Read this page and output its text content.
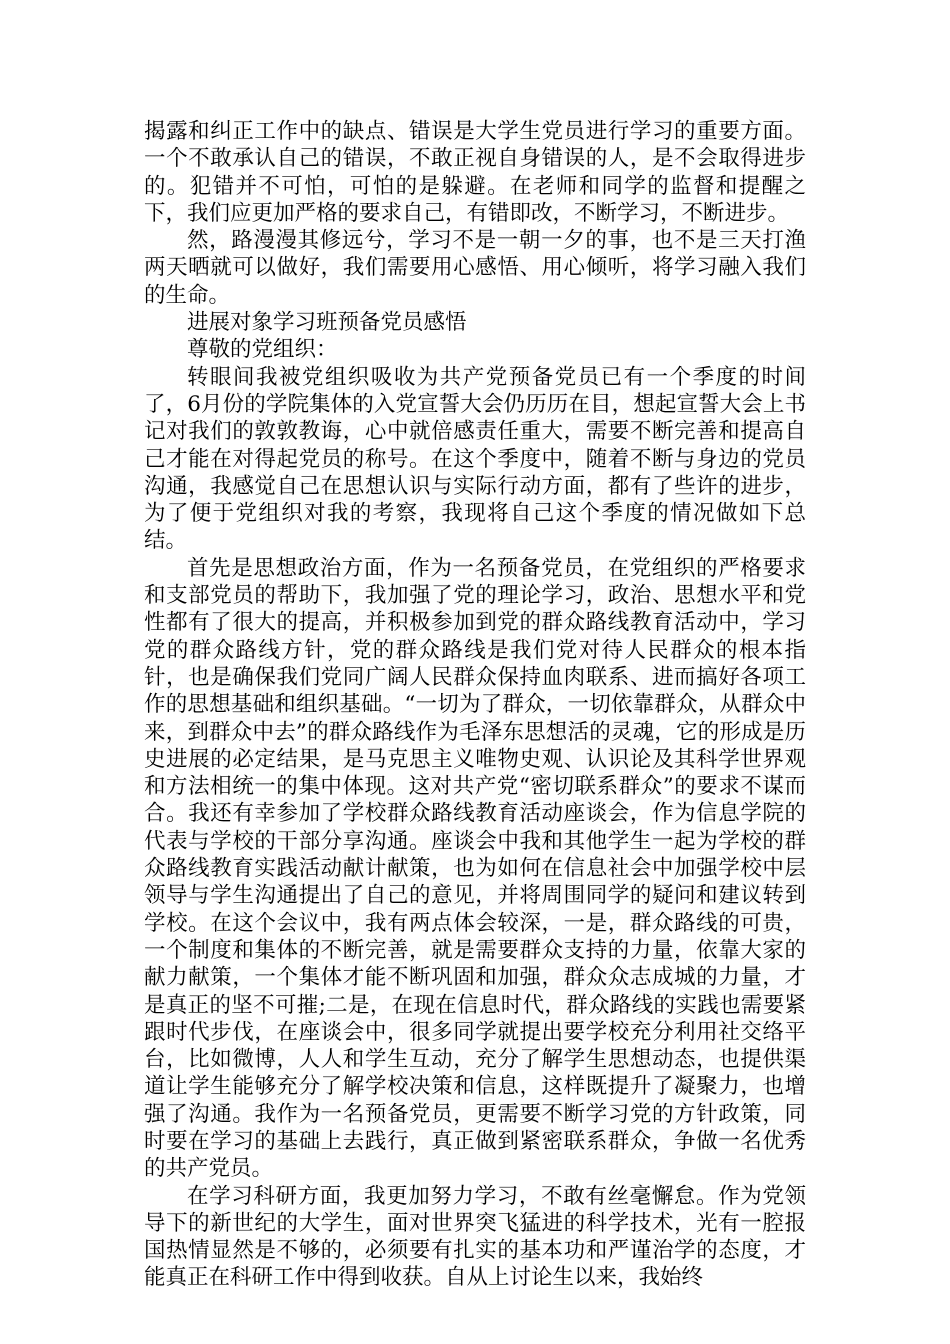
揭露和纠正工作中的缺点、错误是大学生党员进行学习的重要方面。一个不敢承认自己的错误，不敢正视自身错误的人，是不会取得进步的。犯错并不可怕，可怕的是躲避。在老师和同学的监督和提醒之下，我们应更加严格的要求自己，有错即改，不断学习，不断进步。

然，路漫漫其修远兮，学习不是一朝一夕的事，也不是三天打渔两天晒就可以做好，我们需要用心感悟、用心倾听，将学习融入我们的生命。

进展对象学习班预备党员感悟

尊敬的党组织：

转眼间我被党组织吸收为共产党预备党员已有一个季度的时间了，6月份的学院集体的入党宣誓大会仍历历在目，想起宣誓大会上书记对我们的敦敦教诲，心中就倍感责任重大，需要不断完善和提高自己才能在对得起党员的称号。在这个季度中，随着不断与身边的党员沟通，我感觉自己在思想认识与实际行动方面，都有了些许的进步，为了便于党组织对我的考察，我现将自己这个季度的情况做如下总结。

首先是思想政治方面，作为一名预备党员，在党组织的严格要求和支部党员的帮助下，我加强了党的理论学习，政治、思想水平和党性都有了很大的提高，并积极参加到党的群众路线教育活动中，学习党的群众路线方针，党的群众路线是我们党对待人民群众的根本指针，也是确保我们党同广阔人民群众保持血肉联系、进而搞好各项工作的思想基础和组织基础。“一切为了群众，一切依靠群众，从群众中来，到群众中去”的群众路线作为毛泽东思想活的灵魂，它的形成是历史进展的必定结果，是马克思主义唯物史观、认识论及其科学世界观和方法相统一的集中体现。这对共产党“密切联系群众”的要求不谋而合。我还有幸参加了学校群众路线教育活动座谈会，作为信息学院的代表与学校的干部分享沟通。座谈会中我和其他学生一起为学校的群众路线教育实践活动献计献策，也为如何在信息社会中加强学校中层领导与学生沟通提出了自己的意见，并将周围同学的疑问和建议转到学校。在这个会议中，我有两点体会较深，一是，群众路线的可贵，一个制度和集体的不断完善，就是需要群众支持的力量，依靠大家的献力献策，一个集体才能不断巩固和加强，群众众志成城的力量，才是真正的坚不可摧;二是，在现在信息时代，群众路线的实践也需要紧跟时代步伐，在座谈会中，很多同学就提出要学校充分利用社交络平台，比如微博，人人和学生互动，充分了解学生思想动态，也提供渠道让学生能够充分了解学校决策和信息，这样既提升了凝聚力，也增强了沟通。我作为一名预备党员，更需要不断学习党的方针政策，同时要在学习的基础上去践行，真正做到紧密联系群众，争做一名优秀的共产党员。

在学习科研方面，我更加努力学习，不敢有丝毫懈怠。作为党领导下的新世纪的大学生，面对世界突飞猛进的科学技术，光有一腔报国热情显然是不够的，必须要有扎实的基本功和严谨治学的态度，才能真正在科研工作中得到收获。自从上讨论生以来，我始终
